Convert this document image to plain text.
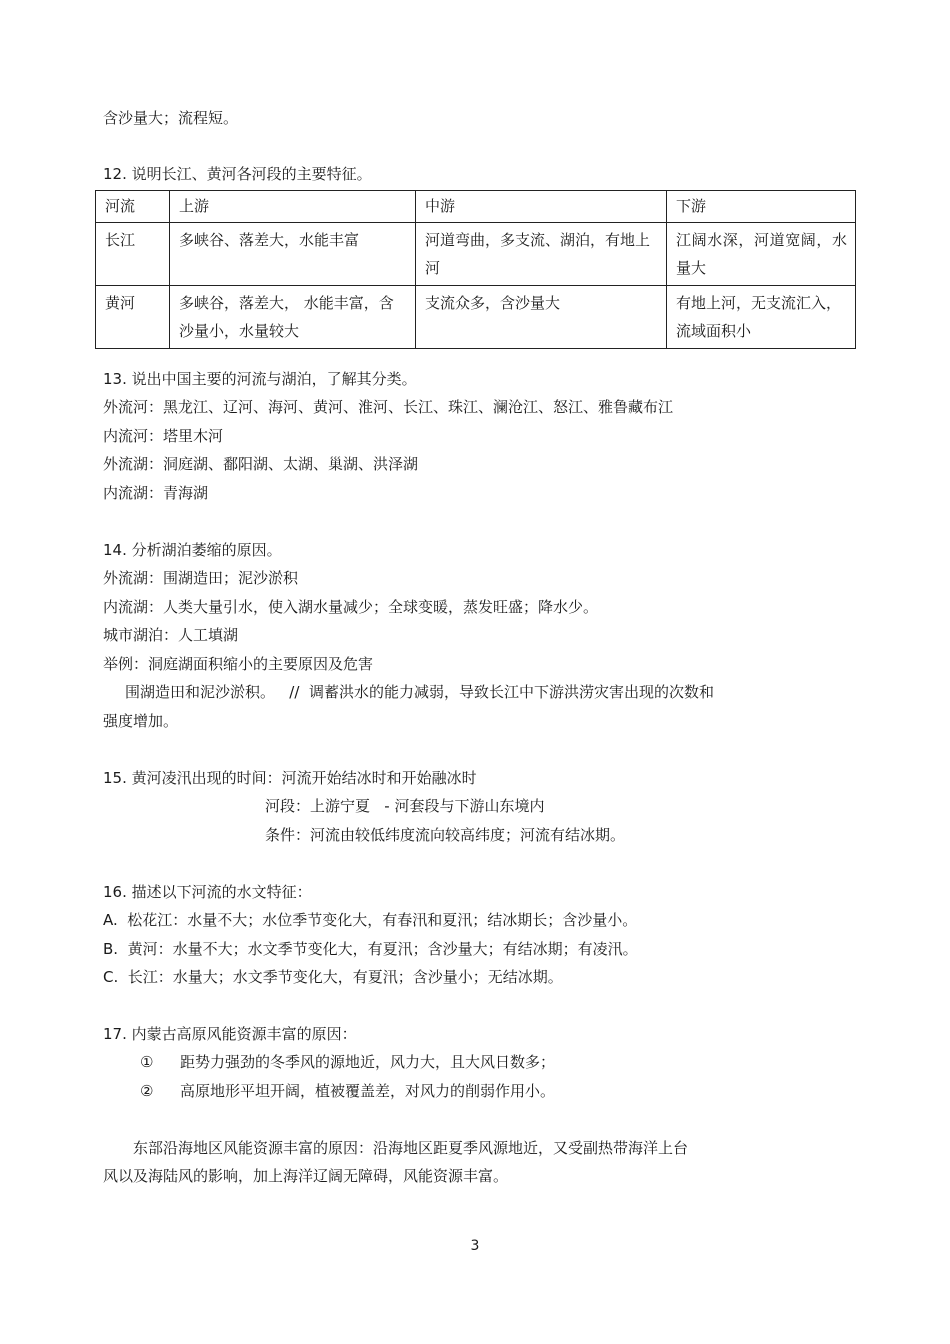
含沙量大；流程短。
12. 说明长江、黄河各河段的主要特征。
河流	上游	中游	下游
长江	多峡谷、落差大，水能丰富	河道弯曲，多支流、湖泊，有地上河	江阔水深，河道宽阔，水量大
黄河	多峡谷，落差大， 水能丰富，含沙量小，水量较大	支流众多，含沙量大	有地上河，无支流汇入，流域面积小
13. 说出中国主要的河流与湖泊，了解其分类。
外流河：黑龙江、辽河、海河、黄河、淮河、长江、珠江、澜沧江、怒江、雅鲁藏布江
内流河：塔里木河
外流湖：洞庭湖、鄱阳湖、太湖、巢湖、洪泽湖
内流湖：青海湖
14. 分析湖泊萎缩的原因。
外流湖：围湖造田；泥沙淤积
内流湖：人类大量引水，使入湖水量减少；全球变暖，蒸发旺盛；降水少。
城市湖泊：人工填湖
举例：洞庭湖面积缩小的主要原因及危害
围湖造田和泥沙淤积。   //  调蓄洪水的能力减弱，导致长江中下游洪涝灾害出现的次数和
强度增加。
15. 黄河凌汛出现的时间：河流开始结冰时和开始融冰时
河段：上游宁夏   - 河套段与下游山东境内
条件：河流由较低纬度流向较高纬度；河流有结冰期。
16. 描述以下河流的水文特征：
A.  松花江：水量不大；水位季节变化大，有春汛和夏汛；结冰期长；含沙量小。
B.  黄河：水量不大；水文季节变化大，有夏汛；含沙量大；有结冰期；有凌汛。
C.  长江：水量大；水文季节变化大，有夏汛；含沙量小；无结冰期。
17. 内蒙古高原风能资源丰富的原因：
① 距势力强劲的冬季风的源地近，风力大，且大风日数多；
② 高原地形平坦开阔，植被覆盖差，对风力的削弱作用小。
东部沿海地区风能资源丰富的原因：沿海地区距夏季风源地近，又受副热带海洋上台
风以及海陆风的影响，加上海洋辽阔无障碍，风能资源丰富。
3
